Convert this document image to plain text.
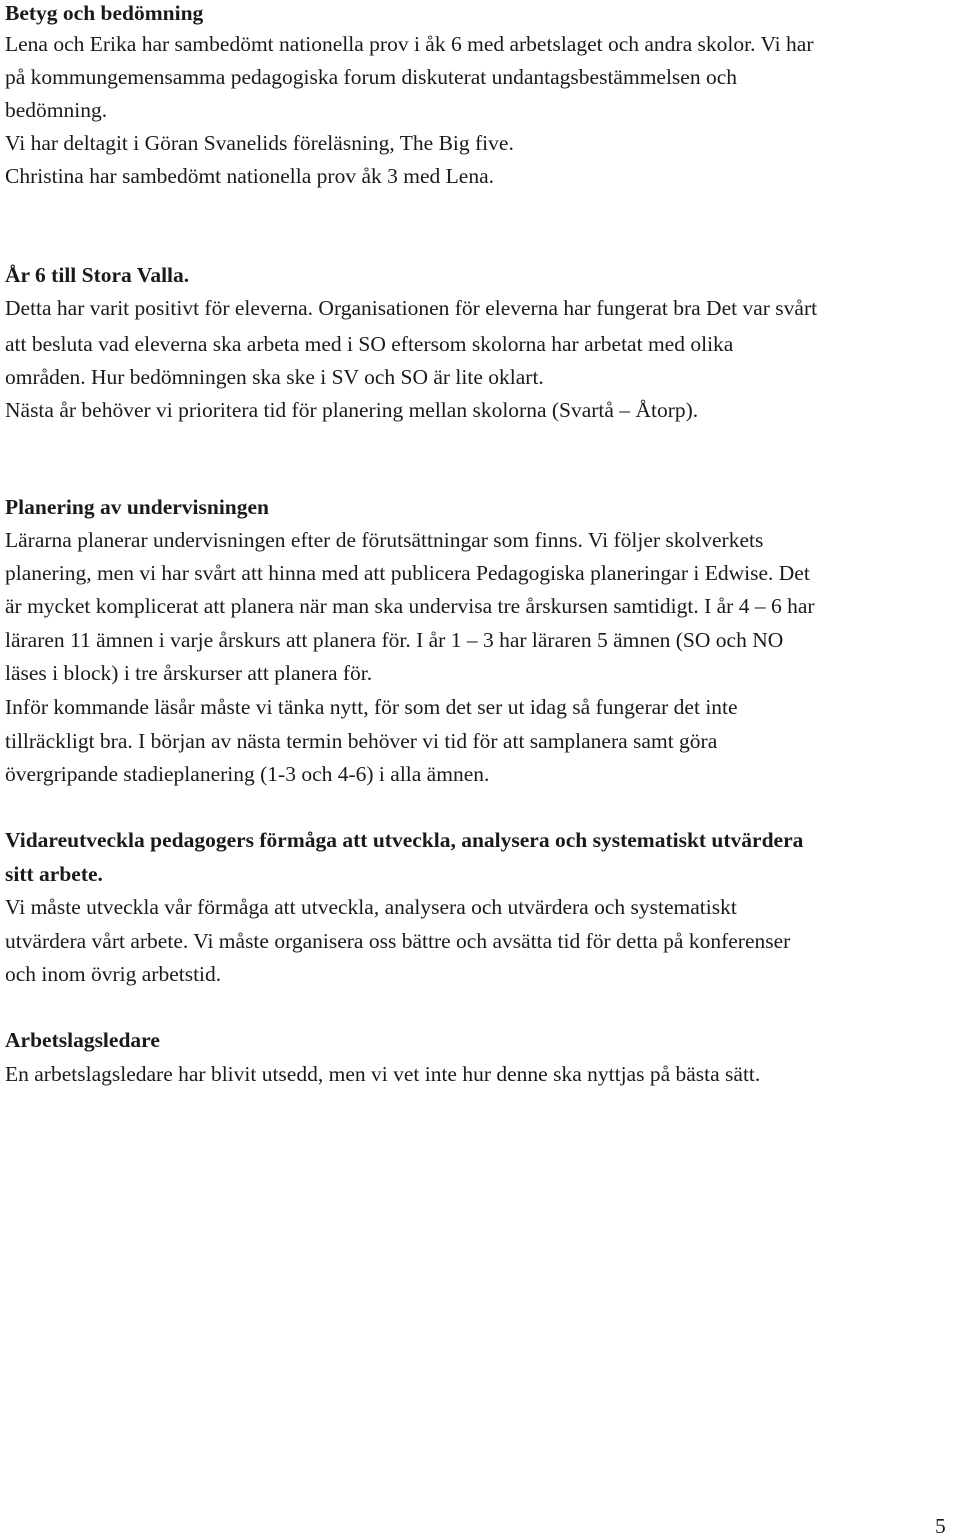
Betyg och bedömning
Lena och Erika har sambedömt nationella prov i åk 6 med arbetslaget och andra skolor. Vi har
på kommungemensamma pedagogiska forum diskuterat undantagsbestämmelsen och
bedömning.
Vi har deltagit i Göran Svanelids föreläsning, The Big five.
Christina har sambedömt nationella prov åk 3 med Lena.
År 6 till Stora Valla.
Detta har varit positivt för eleverna. Organisationen för eleverna har fungerat bra Det var svårt
att besluta vad eleverna ska arbeta med i SO eftersom skolorna har arbetat med olika
områden. Hur bedömningen ska ske i SV och SO är lite oklart.
Nästa år behöver vi prioritera tid för planering mellan skolorna (Svartå – Åtorp).
Planering av undervisningen
Lärarna planerar undervisningen efter de förutsättningar som finns. Vi följer skolverkets
planering, men vi har svårt att hinna med att publicera Pedagogiska planeringar i Edwise. Det
är mycket komplicerat att planera när man ska undervisa tre årskursen samtidigt. I år 4 – 6 har
läraren 11 ämnen i varje årskurs att planera för. I år 1 – 3 har läraren 5 ämnen (SO och NO
läses i block) i tre årskurser att planera för.
Inför kommande läsår måste vi tänka nytt, för som det ser ut idag så fungerar det inte
tillräckligt bra. I början av nästa termin behöver vi tid för att samplanera samt göra
övergripande stadieplanering (1-3 och 4-6) i alla ämnen.
Vidareutveckla pedagogers förmåga att utveckla, analysera och systematiskt utvärdera
sitt arbete.
Vi måste utveckla vår förmåga att utveckla, analysera och utvärdera och systematiskt
utvärdera vårt arbete. Vi måste organisera oss bättre och avsätta tid för detta på konferenser
och inom övrig arbetstid.
Arbetslagsledare
En arbetslagsledare har blivit utsedd, men vi vet inte hur denne ska nyttjas på bästa sätt.
5
